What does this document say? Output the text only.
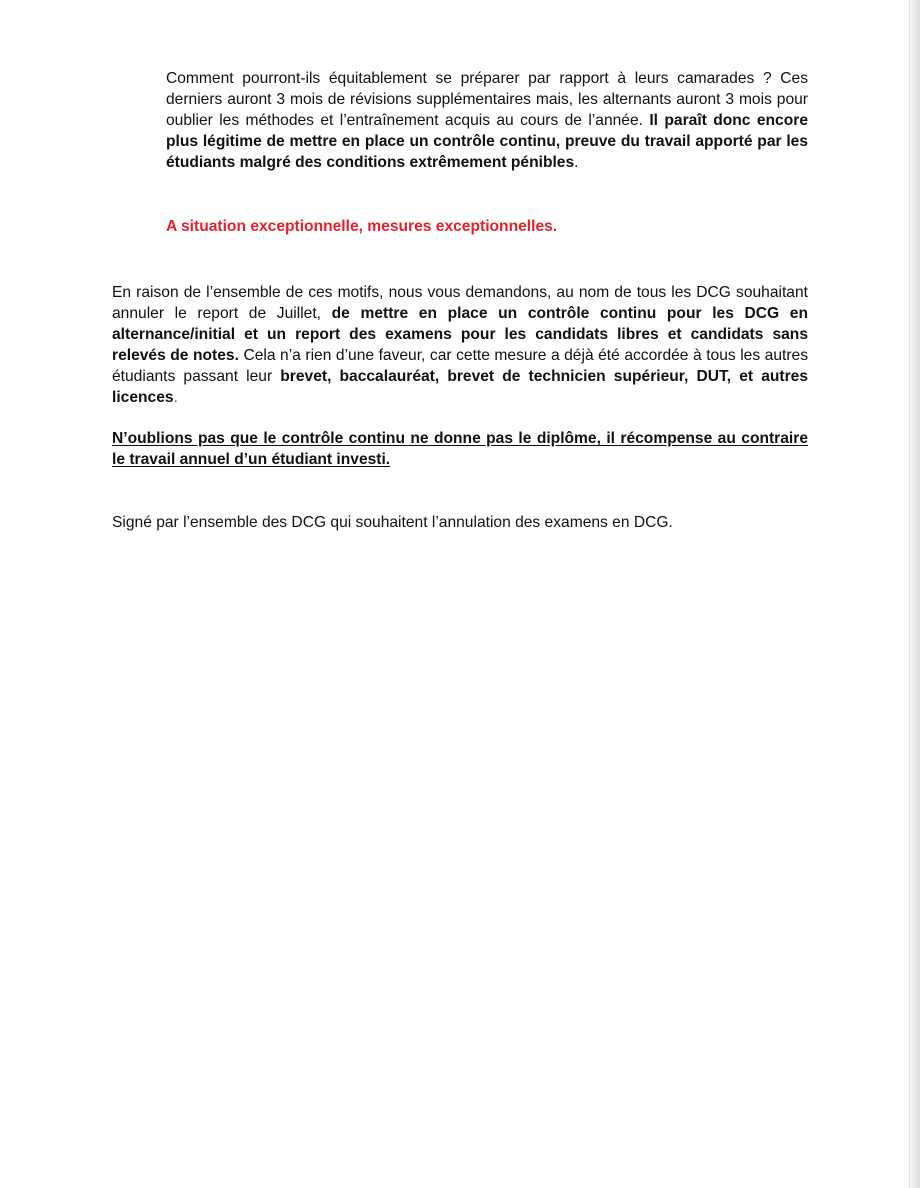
Comment pourront-ils équitablement se préparer par rapport à leurs camarades ? Ces derniers auront 3 mois de révisions supplémentaires mais, les alternants auront 3 mois pour oublier les méthodes et l’entraînement acquis au cours de l’année. Il paraît donc encore plus légitime de mettre en place un contrôle continu, preuve du travail apporté par les étudiants malgré des conditions extrêmement pénibles.
A situation exceptionnelle, mesures exceptionnelles.
En raison de l’ensemble de ces motifs, nous vous demandons, au nom de tous les DCG souhaitant annuler le report de Juillet, de mettre en place un contrôle continu pour les DCG en alternance/initial et un report des examens pour les candidats libres et candidats sans relevés de notes. Cela n’a rien d’une faveur, car cette mesure a déjà été accordée à tous les autres étudiants passant leur brevet, baccalauréat, brevet de technicien supérieur, DUT, et autres licences.
N’oublions pas que le contrôle continu ne donne pas le diplôme, il récompense au contraire le travail annuel d’un étudiant investi.
Signé par l’ensemble des DCG qui souhaitent l’annulation des examens en DCG.
